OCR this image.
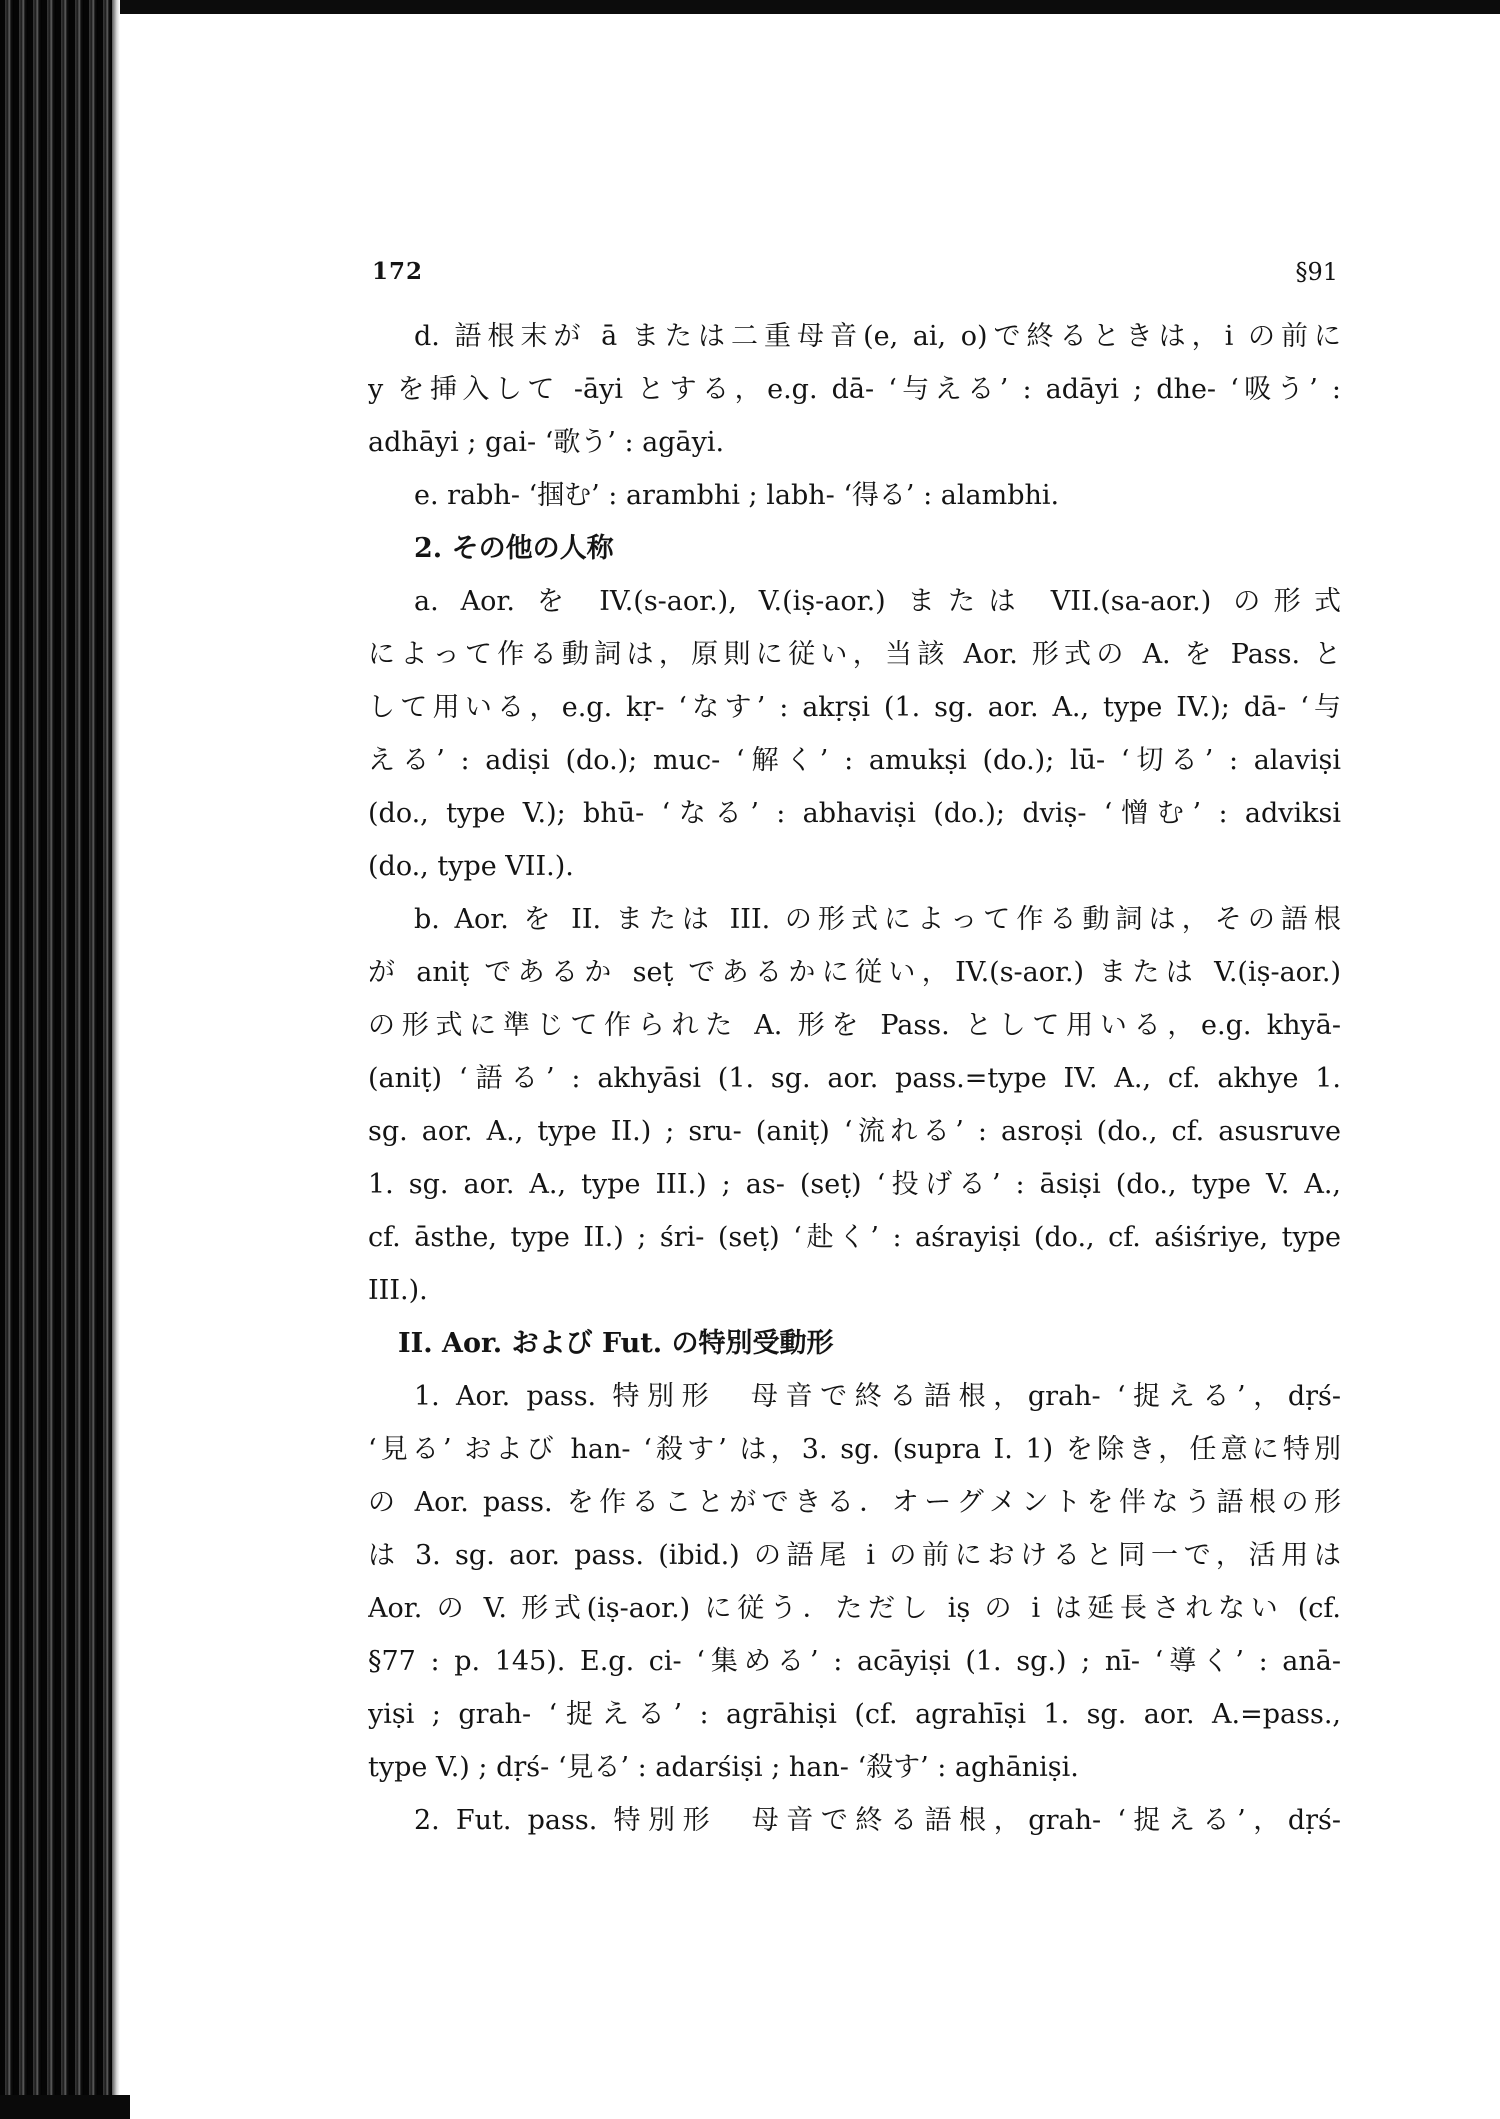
172	§91
d. 語根末が ā または二重母音(e, ai, o)で終るときは，i の前に
y を挿入して -āyi とする，e.g. dā- ‘与える’ : adāyi ; dhe- ‘吸う’ :
adhāyi ; gai- ‘歌う’ : agāyi.
e. rabh- ‘掴む’ : arambhi ; labh- ‘得る’ : alambhi.
2. その他の人称
a. Aor. を IV.(s-aor.), V.(iṣ-aor.) または VII.(sa-aor.) の形式
によって作る動詞は，原則に従い，当該 Aor. 形式の A. を Pass. と
して用いる，e.g. kṛ- ‘なす’ : akṛṣi (1. sg. aor. A., type IV.); dā- ‘与
える’ : adiṣi (do.); muc- ‘解く’ : amukṣi (do.); lū- ‘切る’ : alaviṣi
(do., type V.); bhū- ‘なる’ : abhaviṣi (do.); dviṣ- ‘憎む’ : adviksi
(do., type VII.).
b. Aor. を II. または III. の形式によって作る動詞は，その語根
が aniṭ であるか seṭ であるかに従い，IV.(s-aor.) または V.(iṣ-aor.)
の形式に準じて作られた A. 形を Pass. として用いる，e.g. khyā-
(aniṭ) ‘語る’ : akhyāsi (1. sg. aor. pass.=type IV. A., cf. akhye 1.
sg. aor. A., type II.) ; sru- (aniṭ) ‘流れる’ : asroṣi (do., cf. asusruve
1. sg. aor. A., type III.) ; as- (seṭ) ‘投げる’ : āsiṣi (do., type V. A.,
cf. āsthe, type II.) ; śri- (seṭ) ‘赴く’ : aśrayiṣi (do., cf. aśiśriye, type
III.).
II. Aor. および Fut. の特別受動形
1. Aor. pass. 特別形　母音で終る語根，grah- ‘捉える’，dṛś-
‘見る’ および han- ‘殺す’ は，3. sg. (supra I. 1) を除き，任意に特別
の Aor. pass. を作ることができる．オーグメントを伴なう語根の形
は 3. sg. aor. pass. (ibid.) の語尾 i の前におけると同一で，活用は
Aor. の V. 形式(iṣ-aor.) に従う．ただし iṣ の i は延長されない (cf.
§77 : p. 145). E.g. ci- ‘集める’ : acāyiṣi (1. sg.) ; nī- ‘導く’ : anā-
yiṣi ; grah- ‘捉える’ : agrāhiṣi (cf. agrahīṣi 1. sg. aor. A.=pass.,
type V.) ; dṛś- ‘見る’ : adarśiṣi ; han- ‘殺す’ : aghāniṣi.
2. Fut. pass. 特別形　母音で終る語根，grah- ‘捉える’，dṛś-
